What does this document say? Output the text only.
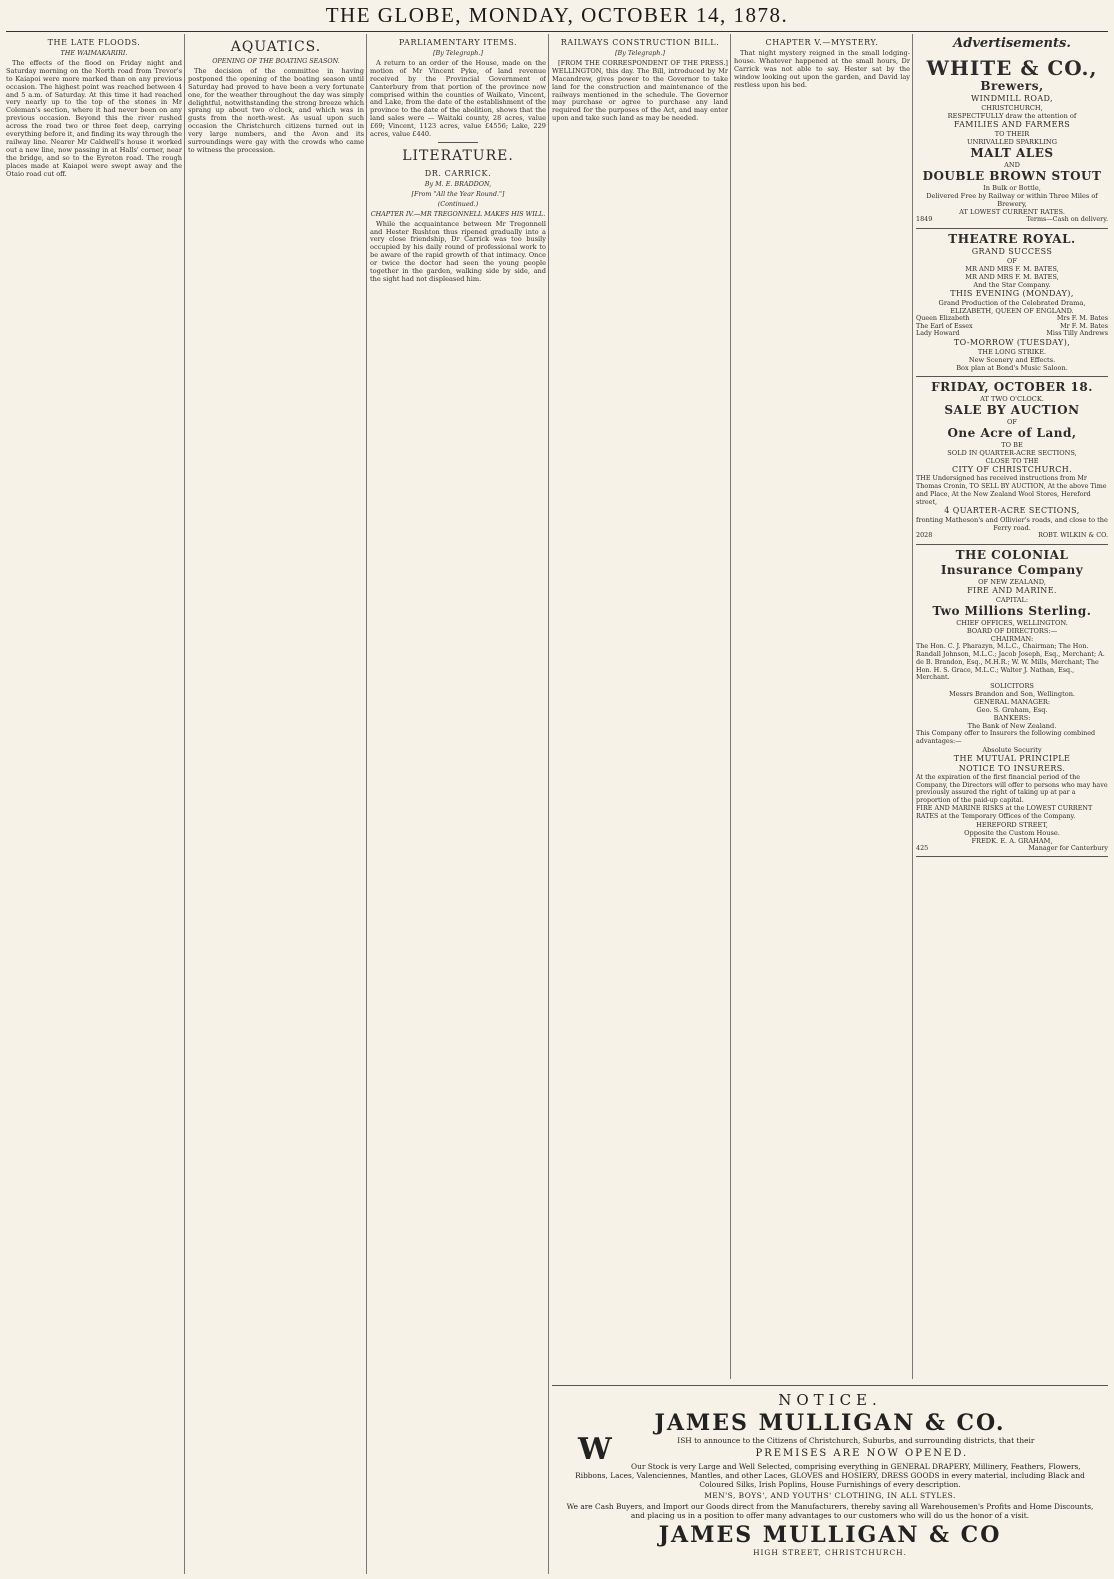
THE GLOBE, MONDAY, OCTOBER 14, 1878.
THE LATE FLOODS.
THE WAIMAKARIRI.

The effects of the flood on Friday night and Saturday morning on the North road from Trevor's to Kaiapoi were more marked than on any previous occasion. The highest point was reached between 4 and 5 a.m. of Saturday. At this time it had reached very nearly up to the top of the stones in Mr Coleman's section, where it had never been on any previous occasion. Beyond this the river rushed across the road two or three feet deep, carrying everything before it, and finding its way through the railway line. Nearer Mr Caldwell's house it worked out a new line, now passing in at Halls' corner, near the bridge, and so to the Eyreton road. The rough places made at Kaiapoi were swept away and the Otaio road cut off.

AQUATICS.
OPENING OF THE BOATING SEASON.

The decision of the committee in having postponed the opening of the boating season until Saturday had proved to have been a very fortunate one, for the weather throughout the day was simply delightful, notwithstanding the strong breeze which sprang up about two o'clock, and which was in gusts from the north-west. As usual upon such occasion the Christchurch citizens turned out in very large numbers, and the Avon and its surroundings were gay with the crowds who came to witness the procession.

PARLIAMENTARY ITEMS.
[By Telegraph.]

A return to an order of the House, made on the motion of Mr Vincent Pyke, of land revenue received by the Provincial Government of Canterbury from that portion of the province now comprised within the counties of Waikato, Vincent, and Lake, from the date of the establishment of the province to the date of the abolition, shows that the land sales were — Waitaki county, 28 acres, value £69; Vincent, 1123 acres, value £4556; Lake, 229 acres, value £440.

LITERATURE.
DR. CARRICK.
By M. E. BRADDON,
[From "All the Year Round."]
(Continued.)
CHAPTER IV.—MR TREGONNELL MAKES HIS WILL.

While the acquaintance between Mr Tregonnell and Hester Rushton thus ripened gradually into a very close friendship, Dr Carrick was too busily occupied by his daily round of professional work to be aware of the rapid growth of that intimacy. Once or twice the doctor had seen the young people together in the garden, walking side by side, and the sight had not displeased him.

RAILWAYS CONSTRUCTION BILL.
[By Telegraph.]

[FROM THE CORRESPONDENT OF THE PRESS.] WELLINGTON, this day. The Bill, introduced by Mr Macandrew, gives power to the Governor to take land for the construction and maintenance of the railways mentioned in the schedule. The Governor may purchase or agree to purchase any land required for the purposes of the Act, and may enter upon and take such land as may be needed.

CHAPTER V.—MYSTERY.

That night mystery reigned in the small lodging-house. Whatever happened at the small hours, Dr Carrick was not able to say. Hester sat by the window looking out upon the garden, and David lay restless upon his bed.

Advertisements.
WHITE & CO.,
Brewers,
WINDMILL ROAD,
CHRISTCHURCH,
RESPECTFULLY draw the attention of
FAMILIES AND FARMERS
TO THEIR
UNRIVALLED SPARKLING
MALT ALES
AND
DOUBLE BROWN STOUT
In Bulk or Bottle,
Delivered Free by Railway or within Three Miles of Brewery,
AT LOWEST CURRENT RATES.
1849	Terms—Cash on delivery.
THEATRE ROYAL.
GRAND SUCCESS
OF
MR AND MRS F. M. BATES,
MR AND MRS F. M. BATES,
And the Star Company.
THIS EVENING (MONDAY),
Grand Production of the Celebrated Drama, ELIZABETH, QUEEN OF ENGLAND.
Queen Elizabeth	Mrs F. M. Bates
The Earl of Essex	Mr F. M. Bates
Lady Howard	Miss Tilly Andrews
TO-MORROW (TUESDAY),
THE LONG STRIKE.
New Scenery and Effects.
Box plan at Bond's Music Saloon.
FRIDAY, OCTOBER 18.
AT TWO O'CLOCK.
SALE BY AUCTION
OF
One Acre of Land,
TO BE
SOLD IN QUARTER-ACRE SECTIONS,
CLOSE TO THE
CITY OF CHRISTCHURCH.
THE Undersigned has received instructions from Mr Thomas Cronin, TO SELL BY AUCTION, At the above Time and Place, At the New Zealand Wool Stores, Hereford street,
4 QUARTER-ACRE SECTIONS,
fronting Matheson's and Ollivier's roads, and close to the Ferry road.
2028	ROBT. WILKIN & CO.
THE COLONIAL
Insurance Company
OF NEW ZEALAND,
FIRE AND MARINE.
CAPITAL:
Two Millions Sterling.
CHIEF OFFICES, WELLINGTON.
BOARD OF DIRECTORS:—
CHAIRMAN:
The Hon. C. J. Pharazyn, M.L.C., Chairman; The Hon. Randall Johnson, M.L.C.; Jacob Joseph, Esq., Merchant; A. de B. Brandon, Esq., M.H.R.; W. W. Mills, Merchant; The Hon. H. S. Grace, M.L.C.; Walter J. Nathan, Esq., Merchant.
SOLICITORS
Messrs Brandon and Son, Wellington.
GENERAL MANAGER:
Geo. S. Graham, Esq.
BANKERS:
The Bank of New Zealand.
This Company offer to Insurers the following combined advantages:—
Absolute Security
THE MUTUAL PRINCIPLE
NOTICE TO INSURERS.
At the expiration of the first financial period of the Company, the Directors will offer to persons who may have previously assured the right of taking up at par a proportion of the paid-up capital.
FIRE AND MARINE RISKS at the LOWEST CURRENT RATES at the Temporary Offices of the Company.
HEREFORD STREET,
Opposite the Custom House.
FREDK. E. A. GRAHAM,
425	Manager for Canterbury
NOTICE.
JAMES MULLIGAN & CO.
W	ISH to announce to the Citizens of Christchurch, Suburbs, and surrounding districts, that their
PREMISES ARE NOW OPENED.
Our Stock is very Large and Well Selected, comprising everything in GENERAL DRAPERY, Millinery, Feathers, Flowers, Ribbons, Laces, Valenciennes, Mantles, and other Laces, GLOVES and HOSIERY, DRESS GOODS in every material, including Black and Coloured Silks, Irish Poplins, House Furnishings of every description.
MEN'S, BOYS', AND YOUTHS' CLOTHING, IN ALL STYLES.
We are Cash Buyers, and Import our Goods direct from the Manufacturers, thereby saving all Warehousemen's Profits and Home Discounts, and placing us in a position to offer many advantages to our customers who will do us the honor of a visit.
JAMES MULLIGAN & CO
HIGH STREET, CHRISTCHURCH.
